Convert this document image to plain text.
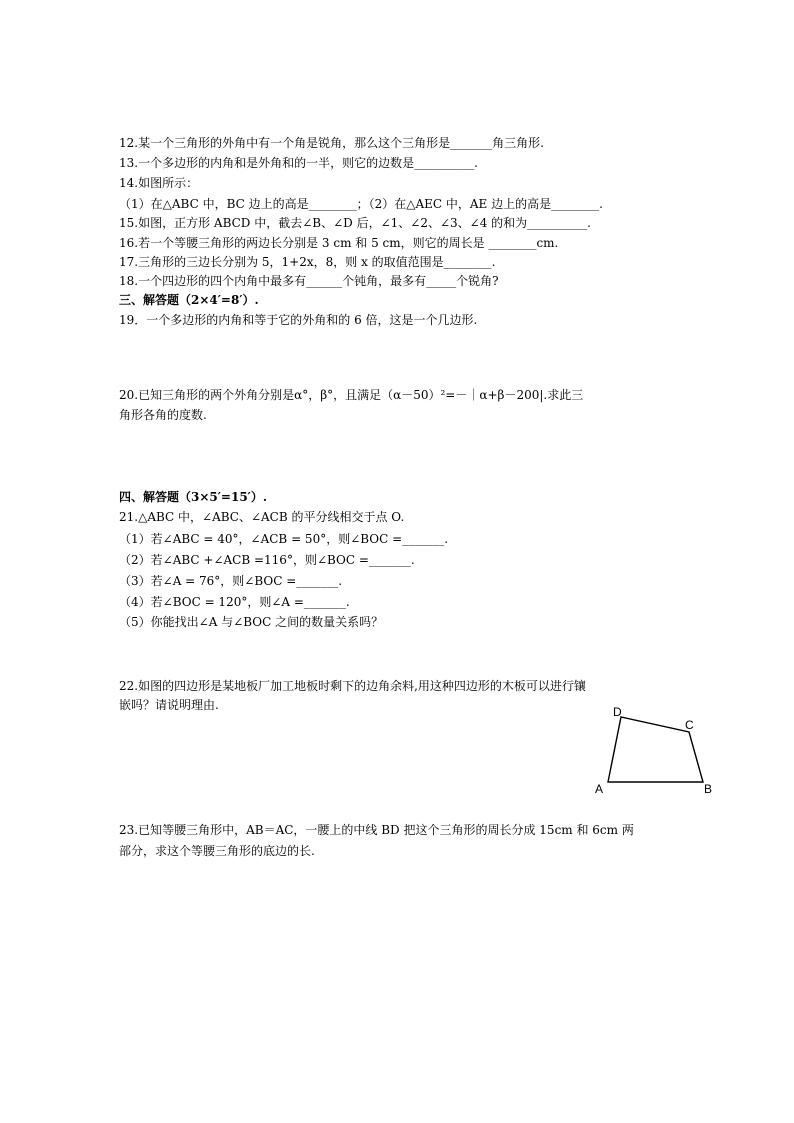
12.某一个三角形的外角中有一个角是锐角，那么这个三角形是_______角三角形.
13.一个多边形的内角和是外角和的一半，则它的边数是__________.
14.如图所示：
（1）在△ABC 中，BC 边上的高是________；（2）在△AEC 中，AE 边上的高是________.
15.如图，正方形 ABCD 中，截去∠B、∠D 后，∠1、∠2、∠3、∠4 的和为__________.
16.若一个等腰三角形的两边长分别是 3 cm 和 5 cm，则它的周长是 ________cm.
17.三角形的三边长分别为 5，1+2x，8，则 x 的取值范围是________.
18.一个四边形的四个内角中最多有______个钝角，最多有_____个锐角?
三、解答题（2×4′=8′）.
19．一个多边形的内角和等于它的外角和的 6 倍，这是一个几边形.
20.已知三角形的两个外角分别是α°，β°，且满足（α－50）²=－｜α+β－200|.求此三
角形各角的度数.
四、解答题（3×5′=15′）.
21.△ABC 中，∠ABC、∠ACB 的平分线相交于点 O.
（1）若∠ABC = 40°，∠ACB = 50°，则∠BOC =_______.
（2）若∠ABC +∠ACB =116°，则∠BOC =_______.
（3）若∠A = 76°，则∠BOC =_______.
（4）若∠BOC = 120°，则∠A =_______.
（5）你能找出∠A 与∠BOC 之间的数量关系吗？
22.如图的四边形是某地板厂加工地板时剩下的边角余料,用这种四边形的木板可以进行镶
嵌吗？请说明理由.	D
C
A	B
23.已知等腰三角形中，AB＝AC，一腰上的中线 BD 把这个三角形的周长分成 15cm 和 6cm 两
部分，求这个等腰三角形的底边的长.
